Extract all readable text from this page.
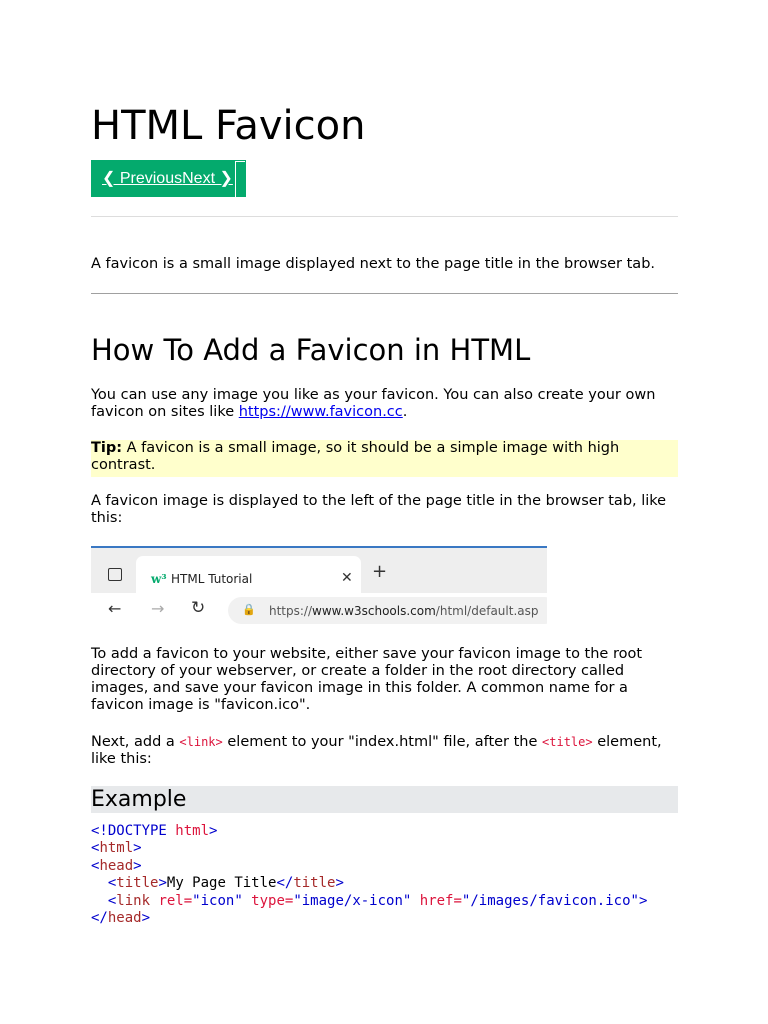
HTML Favicon
❮ PreviousNext ❯
A favicon is a small image displayed next to the page title in the browser tab.
How To Add a Favicon in HTML

You can use any image you like as your favicon. You can also create your own favicon on sites like https://www.favicon.cc.

Tip: A favicon is a small image, so it should be a simple image with high contrast.

A favicon image is displayed to the left of the page title in the browser tab, like this:

w³ HTML Tutorial	✕ +
← → ↻	🔒 https://www.w3schools.com/html/default.asp

To add a favicon to your website, either save your favicon image to the root directory of your webserver, or create a folder in the root directory called images, and save your favicon image in this folder. A common name for a favicon image is "favicon.ico".

Next, add a <link> element to your "index.html" file, after the <title> element, like this:

Example
<!DOCTYPE html>
<html>
<head>
<title>My Page Title</title>
<link rel="icon" type="image/x-icon" href="/images/favicon.ico">
</head>
